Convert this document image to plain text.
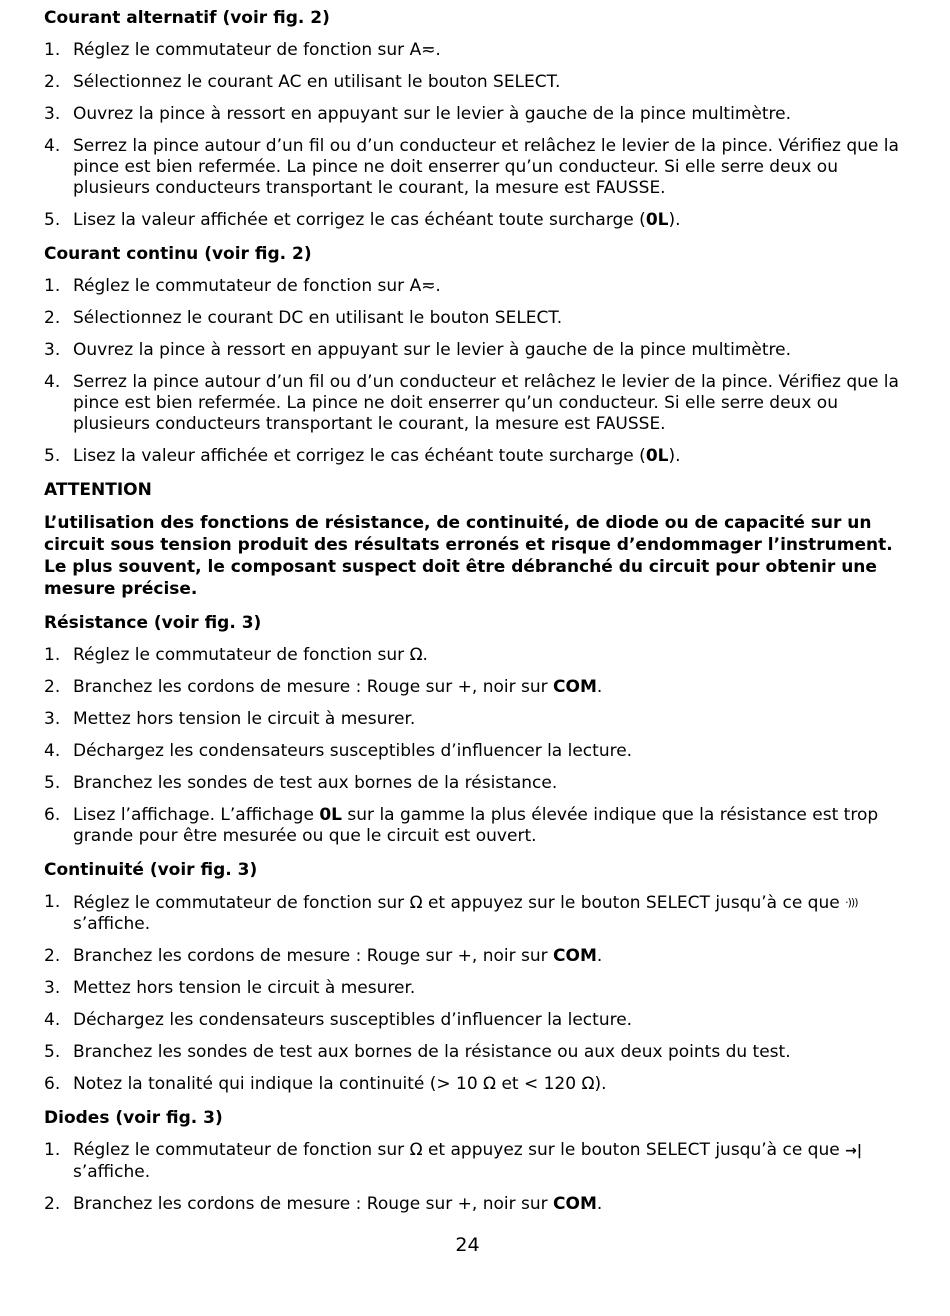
Courant alternatif (voir fig. 2)
1. Réglez le commutateur de fonction sur A≂.
2. Sélectionnez le courant AC en utilisant le bouton SELECT.
3. Ouvrez la pince à ressort en appuyant sur le levier à gauche de la pince multimètre.
4. Serrez la pince autour d’un fil ou d’un conducteur et relâchez le levier de la pince. Vérifiez que la pince est bien refermée. La pince ne doit enserrer qu’un conducteur. Si elle serre deux ou plusieurs conducteurs transportant le courant, la mesure est FAUSSE.
5. Lisez la valeur affichée et corrigez le cas échéant toute surcharge (0L).
Courant continu (voir fig. 2)
1. Réglez le commutateur de fonction sur A≂.
2. Sélectionnez le courant DC en utilisant le bouton SELECT.
3. Ouvrez la pince à ressort en appuyant sur le levier à gauche de la pince multimètre.
4. Serrez la pince autour d’un fil ou d’un conducteur et relâchez le levier de la pince. Vérifiez que la pince est bien refermée. La pince ne doit enserrer qu’un conducteur. Si elle serre deux ou plusieurs conducteurs transportant le courant, la mesure est FAUSSE.
5. Lisez la valeur affichée et corrigez le cas échéant toute surcharge (0L).
ATTENTION

L’utilisation des fonctions de résistance, de continuité, de diode ou de capacité sur un circuit sous tension produit des résultats erronés et risque d’endommager l’instrument. Le plus souvent, le composant suspect doit être débranché du circuit pour obtenir une mesure précise.

Résistance (voir fig. 3)
1. Réglez le commutateur de fonction sur Ω.
2. Branchez les cordons de mesure : Rouge sur +, noir sur COM.
3. Mettez hors tension le circuit à mesurer.
4. Déchargez les condensateurs susceptibles d’influencer la lecture.
5. Branchez les sondes de test aux bornes de la résistance.
6. Lisez l’affichage. L’affichage 0L sur la gamme la plus élevée indique que la résistance est trop grande pour être mesurée ou que le circuit est ouvert.
Continuité (voir fig. 3)
1. Réglez le commutateur de fonction sur Ω et appuyez sur le bouton SELECT jusqu’à ce que ·))) s’affiche.
2. Branchez les cordons de mesure : Rouge sur +, noir sur COM.
3. Mettez hors tension le circuit à mesurer.
4. Déchargez les condensateurs susceptibles d’influencer la lecture.
5. Branchez les sondes de test aux bornes de la résistance ou aux deux points du test.
6. Notez la tonalité qui indique la continuité (> 10 Ω et < 120 Ω).
Diodes (voir fig. 3)
1. Réglez le commutateur de fonction sur Ω et appuyez sur le bouton SELECT jusqu’à ce que →| s’affiche.
2. Branchez les cordons de mesure : Rouge sur +, noir sur COM.
24
